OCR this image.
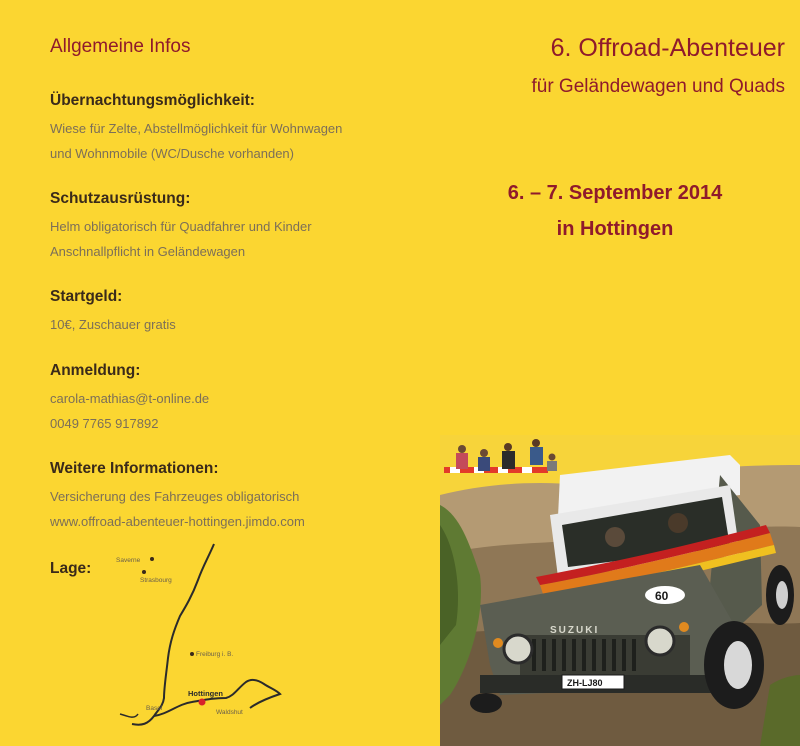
Allgemeine Infos
Übernachtungsmöglichkeit:
Wiese für Zelte, Abstellmöglichkeit für Wohnwagen
und Wohnmobile (WC/Dusche vorhanden)
Schutzausrüstung:
Helm obligatorisch für Quadfahrer und Kinder
Anschnallpflicht in Geländewagen
Startgeld:
10€, Zuschauer gratis
Anmeldung:
carola-mathias@t-online.de
0049 7765 917892
Weitere Informationen:
Versicherung des Fahrzeuges obligatorisch
www.offroad-abenteuer-hottingen.jimdo.com
Lage:	Saverne
Strasbourg
Freiburg i. B.
Hottingen
Basel
Waldshut
6. Offroad-Abenteuer
für Geländewagen und Quads
6. – 7. September 2014
in Hottingen
SUZUKI
60
ZH-LJ80
